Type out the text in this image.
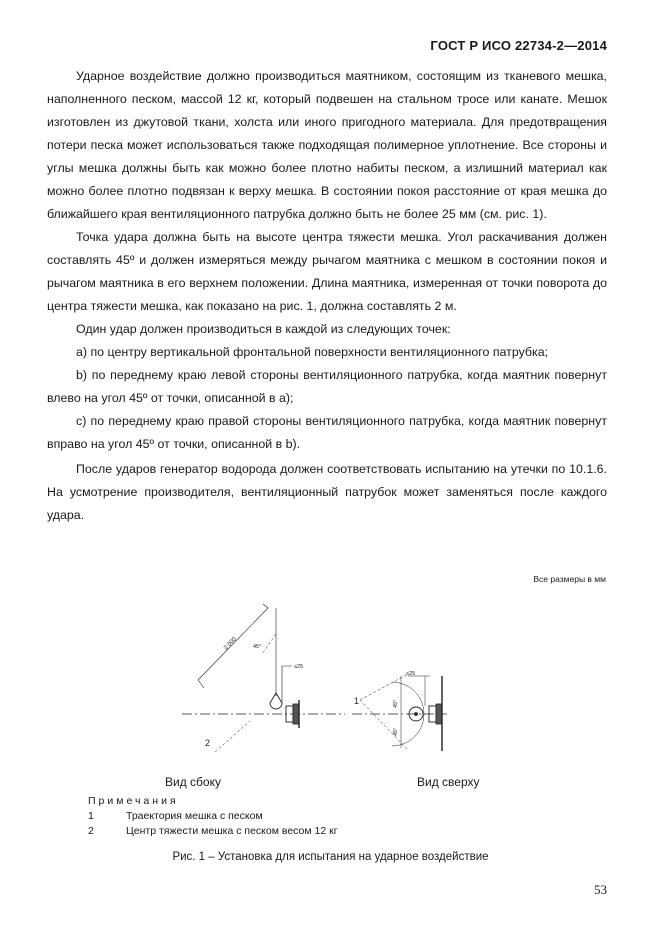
ГОСТ Р ИСО 22734-2—2014

Ударное воздействие должно производиться маятником, состоящим из тканевого мешка, наполненного песком, массой 12 кг, который подвешен на стальном тросе или канате. Мешок изготовлен из джутовой ткани, холста или иного пригодного материала. Для предотвращения потери песка может использоваться также подходящая полимерное уплотнение. Все стороны и углы мешка должны быть как можно более плотно набиты песком, а излишний материал как можно более плотно подвязан к верху мешка. В состоянии покоя расстояние от края мешка до ближайшего края вентиляционного патрубка должно быть не более 25 мм (см. рис. 1).

Точка удара должна быть на высоте центра тяжести мешка. Угол раскачивания должен составлять 45º и должен измеряться между рычагом маятника с мешком в состоянии покоя и рычагом маятника в его верхнем положении. Длина маятника, измеренная от точки поворота до центра тяжести мешка, как показано на рис. 1, должна составлять 2 м.

Один удар должен производиться в каждой из следующих точек:

a) по центру вертикальной фронтальной поверхности вентиляционного патрубка;

b) по переднему краю левой стороны вентиляционного патрубка, когда маятник повернут влево на угол 45º от точки, описанной в a);

c) по переднему краю правой стороны вентиляционного патрубка, когда маятник повернут вправо на угол 45º от точки, описанной в b).

После ударов генератор водорода должен соответствовать испытанию на утечки по 10.1.6. На усмотрение производителя, вентиляционный патрубок может заменяться после каждого удара.

Все размеры в мм
2 000	45°
≤25
2
≤25
45°
45°
1
Вид сбоку	Вид сверху
Примечания
1	Траектория мешка с песком
2	Центр тяжести мешка с песком весом 12 кг
Рис. 1 – Установка для испытания на ударное воздействие
53
